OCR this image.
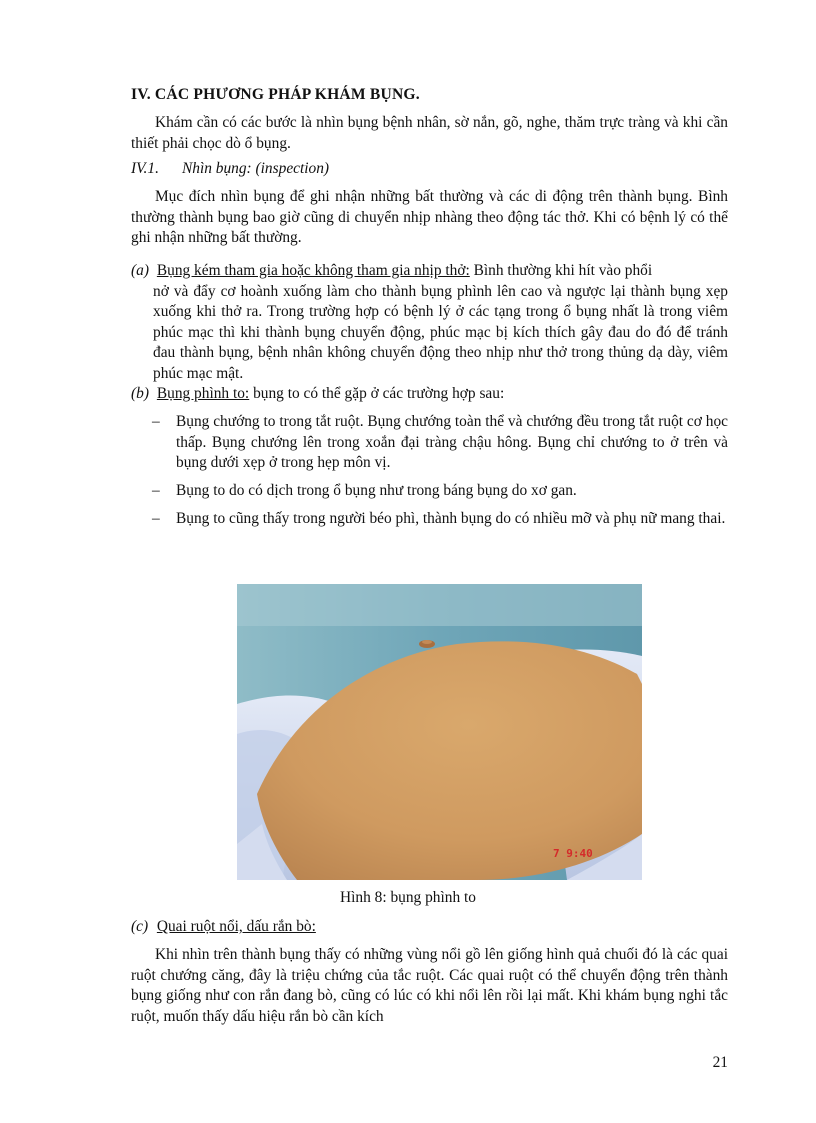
IV. CÁC PHƯƠNG PHÁP KHÁM BỤNG.
Khám cần có các bước là nhìn bụng bệnh nhân, sờ nắn, gõ, nghe, thăm trực tràng và khi cần thiết phải chọc dò ổ bụng.
IV.1. Nhìn bụng: (inspection)
Mục đích nhìn bụng để ghi nhận những bất thường và các di động trên thành bụng. Bình thường thành bụng bao giờ cũng di chuyển nhịp nhàng theo động tác thở. Khi có bệnh lý có thể ghi nhận những bất thường.
(a) Bụng kém tham gia hoặc không tham gia nhịp thở: Bình thường khi hít vào phổi
nở và đẩy cơ hoành xuống làm cho thành bụng phình lên cao và ngược lại thành bụng xẹp xuống khi thở ra. Trong trường hợp có bệnh lý ở các tạng trong ổ bụng nhất là trong viêm phúc mạc thì khi thành bụng chuyển động, phúc mạc bị kích thích gây đau do đó để tránh đau thành bụng, bệnh nhân không chuyển động theo nhịp như thở trong thủng dạ dày, viêm phúc mạc mật.
(b) Bụng phình to: bụng to có thể gặp ở các trường hợp sau:
– Bụng chướng to trong tắt ruột. Bụng chướng toàn thể và chướng đều trong tắt ruột cơ học thấp. Bụng chướng lên trong xoắn đại tràng chậu hông. Bụng chỉ chướng to ở trên và bụng dưới xẹp ở trong hẹp môn vị.
– Bụng to do có dịch trong ổ bụng như trong báng bụng do xơ gan.
– Bụng to cũng thấy trong người béo phì, thành bụng do có nhiều mỡ và phụ nữ mang thai.
7 9:40
Hình 8: bụng phình to
(c) Quai ruột nổi, dấu rắn bò:
Khi nhìn trên thành bụng thấy có những vùng nổi gồ lên giống hình quả chuối đó là các quai ruột chướng căng, đây là triệu chứng của tắc ruột. Các quai ruột có thể chuyển động trên thành bụng giống như con rắn đang bò, cũng có lúc có khi nổi lên rồi lại mất. Khi khám bụng nghi tắc ruột, muốn thấy dấu hiệu rắn bò cần kích
21
